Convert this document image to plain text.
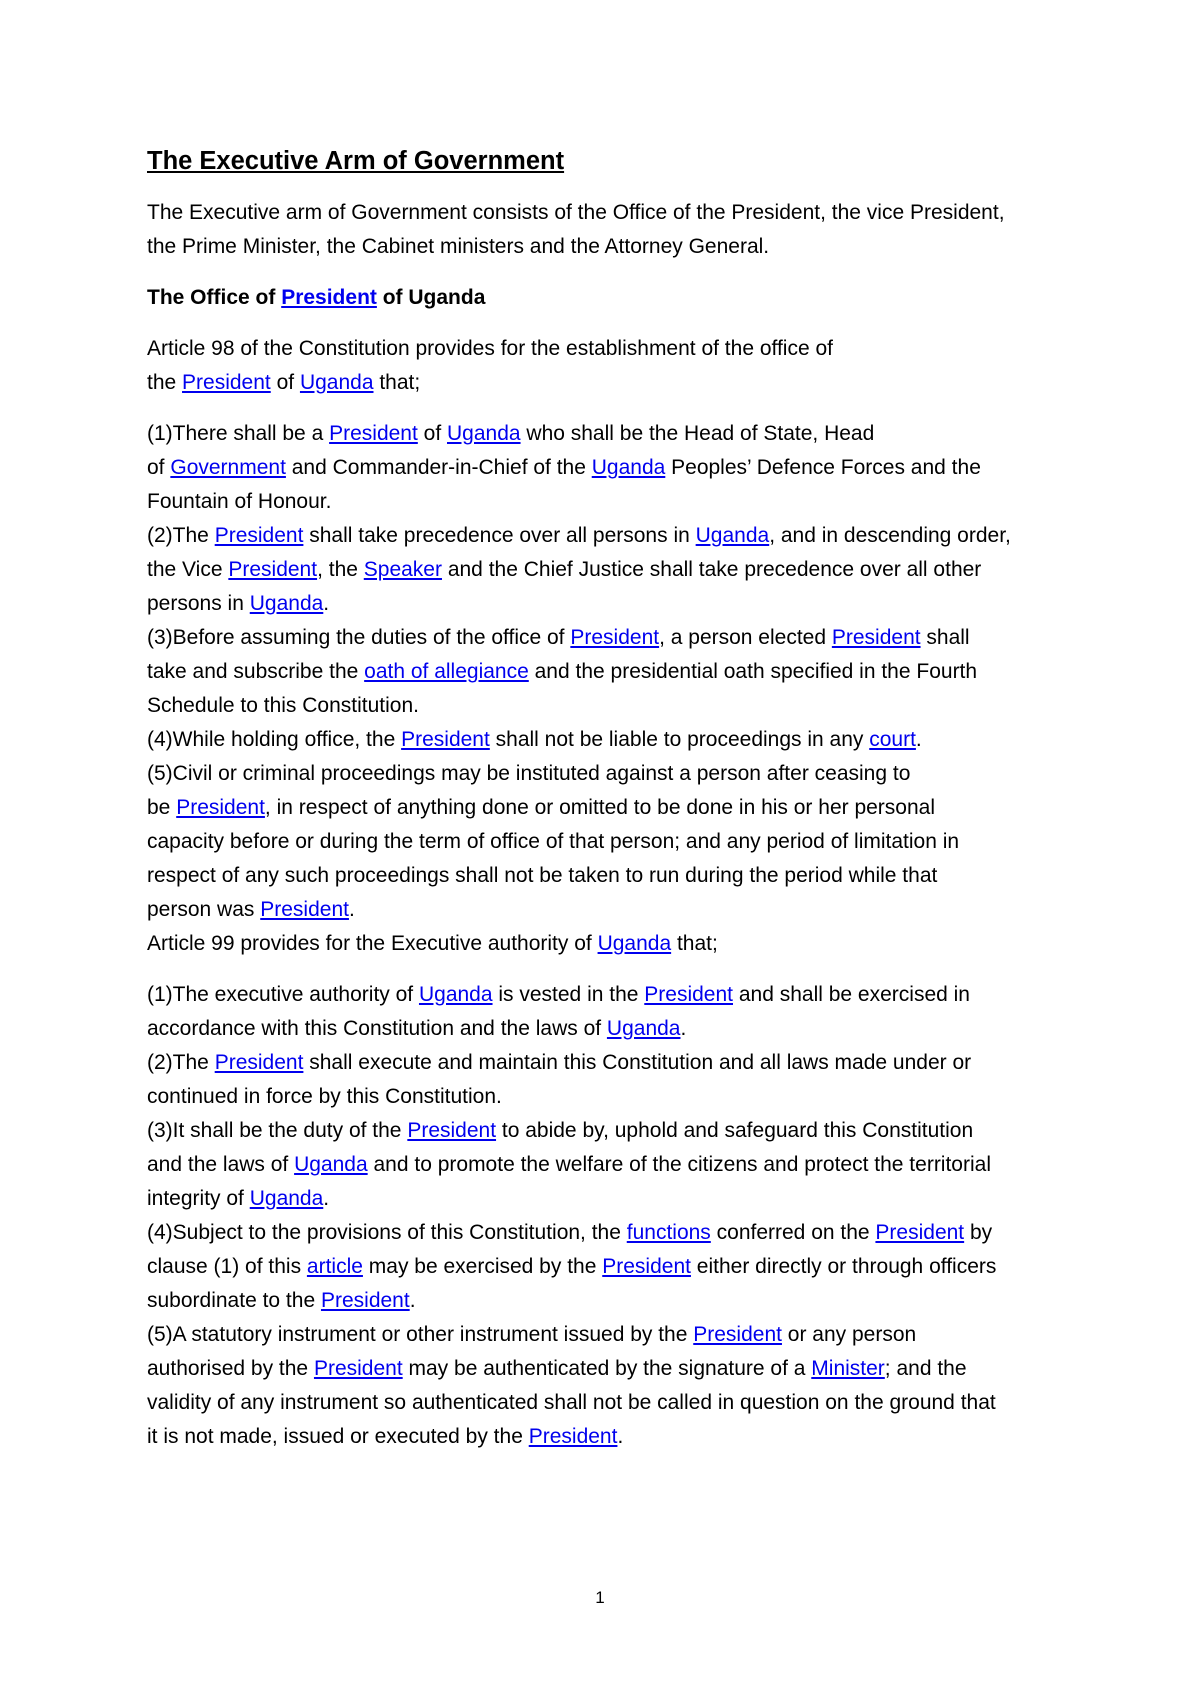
The Executive Arm of Government
The Executive arm of Government consists of the Office of the President, the vice President,
the Prime Minister, the Cabinet ministers and the Attorney General.
The Office of President of Uganda
Article 98 of the Constitution provides for the establishment of the office of
the President of Uganda that;
(1)There shall be a President of Uganda who shall be the Head of State, Head
of Government and Commander-in-Chief of the Uganda Peoples’ Defence Forces and the
Fountain of Honour.
(2)The President shall take precedence over all persons in Uganda, and in descending order,
the Vice President, the Speaker and the Chief Justice shall take precedence over all other
persons in Uganda.
(3)Before assuming the duties of the office of President, a person elected President shall
take and subscribe the oath of allegiance and the presidential oath specified in the Fourth
Schedule to this Constitution.
(4)While holding office, the President shall not be liable to proceedings in any court.
(5)Civil or criminal proceedings may be instituted against a person after ceasing to
be President, in respect of anything done or omitted to be done in his or her personal
capacity before or during the term of office of that person; and any period of limitation in
respect of any such proceedings shall not be taken to run during the period while that
person was President.
Article 99 provides for the Executive authority of Uganda that;
(1)The executive authority of Uganda is vested in the President and shall be exercised in
accordance with this Constitution and the laws of Uganda.
(2)The President shall execute and maintain this Constitution and all laws made under or
continued in force by this Constitution.
(3)It shall be the duty of the President to abide by, uphold and safeguard this Constitution
and the laws of Uganda and to promote the welfare of the citizens and protect the territorial
integrity of Uganda.
(4)Subject to the provisions of this Constitution, the functions conferred on the President by
clause (1) of this article may be exercised by the President either directly or through officers
subordinate to the President.
(5)A statutory instrument or other instrument issued by the President or any person
authorised by the President may be authenticated by the signature of a Minister; and the
validity of any instrument so authenticated shall not be called in question on the ground that
it is not made, issued or executed by the President.
1
